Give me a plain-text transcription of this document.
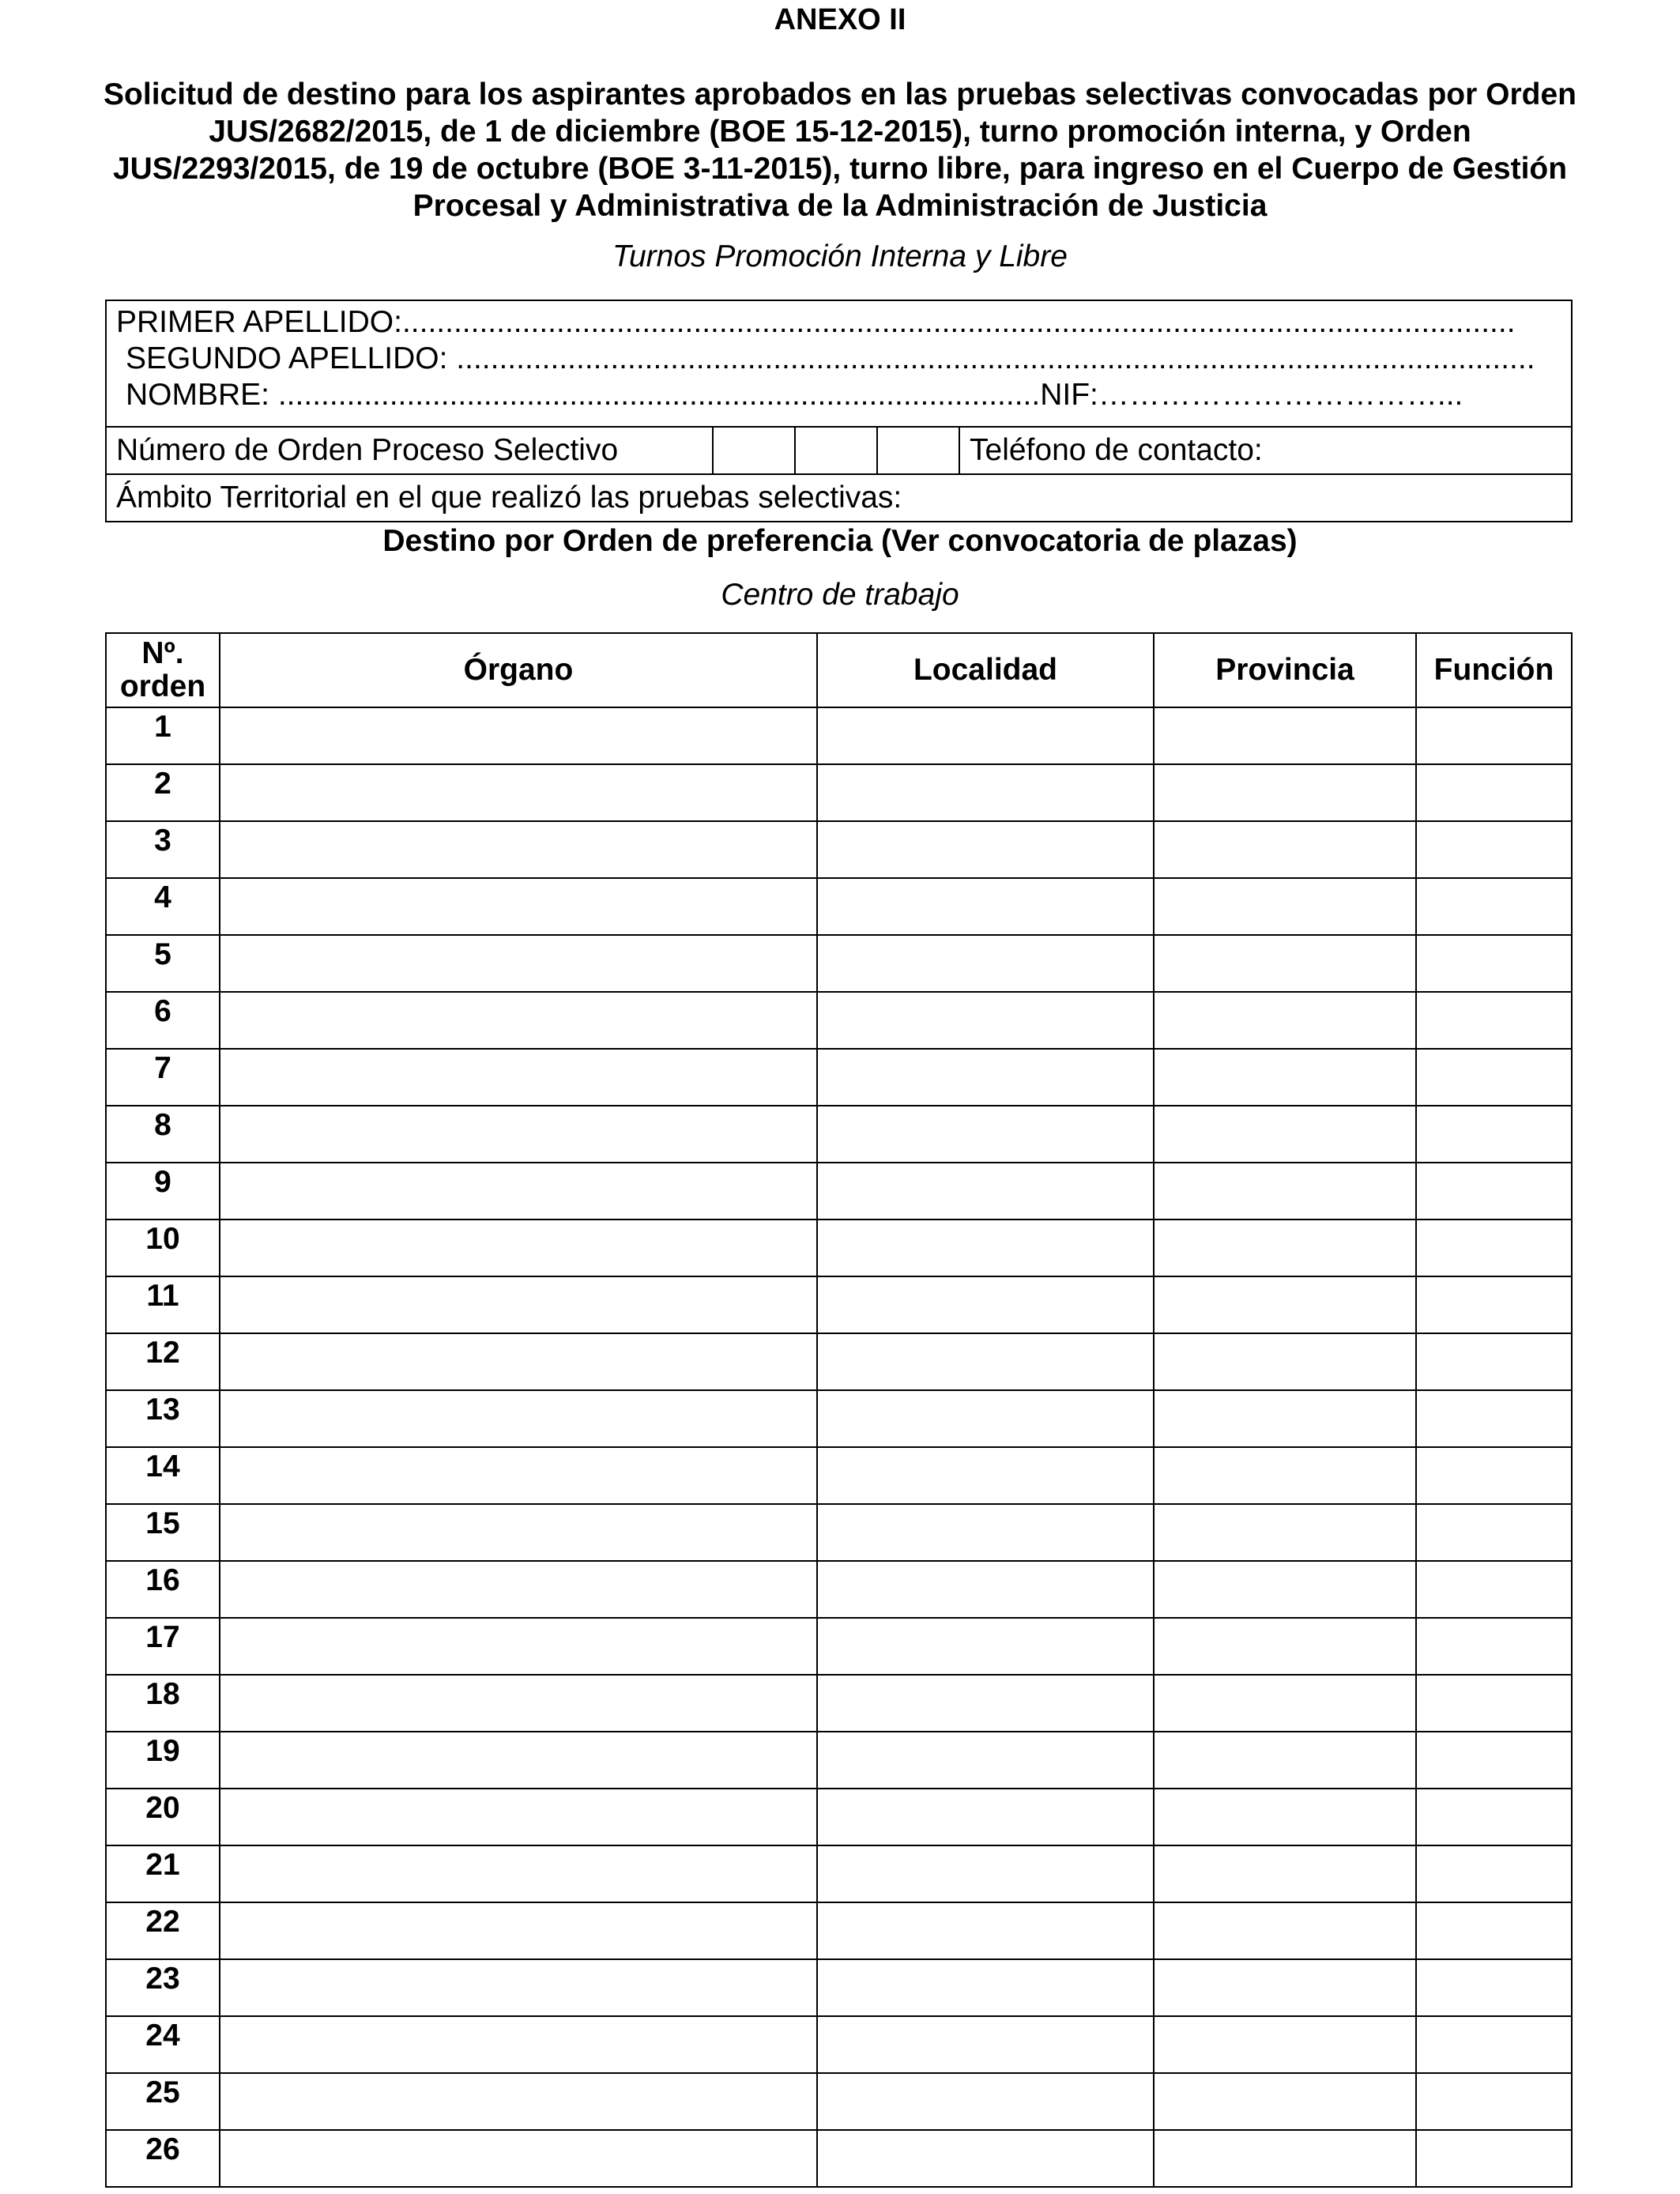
ANEXO II
Solicitud de destino para los aspirantes aprobados en las pruebas selectivas convocadas por Orden JUS/2682/2015, de 1 de diciembre (BOE 15-12-2015), turno promoción interna, y Orden JUS/2293/2015, de 19 de octubre (BOE 3-11-2015), turno libre, para ingreso en el Cuerpo de Gestión Procesal y Administrativa de la Administración de Justicia
Turnos Promoción Interna y Libre
PRIMER APELLIDO:..................................................................................................................................
SEGUNDO APELLIDO: ..............................................................................................................................
NOMBRE: .........................................................................................NIF:……………………………...

Número de Orden Proceso Selectivo				Teléfono de contacto:
Ámbito Territorial en el que realizó las pruebas selectivas:
Destino por Orden de preferencia (Ver convocatoria de plazas)
Centro de trabajo
Nº.
orden	Órgano	Localidad	Provincia	Función
1				
2				
3				
4				
5				
6				
7				
8				
9				
10				
11				
12				
13				
14				
15				
16				
17				
18				
19				
20				
21				
22				
23				
24				
25				
26				
